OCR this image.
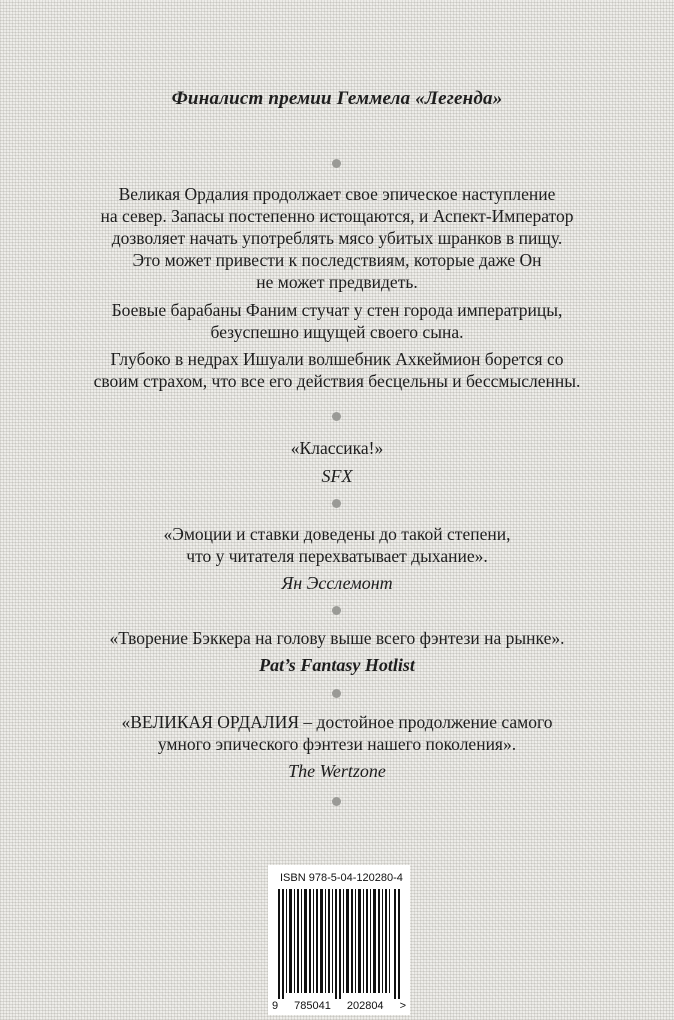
Финалист премии Геммела «Легенда»
Великая Ордалия продолжает свое эпическое наступление
на север. Запасы постепенно истощаются, и Аспект-Император
дозволяет начать употреблять мясо убитых шранков в пищу.
Это может привести к последствиям, которые даже Он
не может предвидеть.
Боевые барабаны Фаним стучат у стен города императрицы,
безуспешно ищущей своего сына.
Глубоко в недрах Ишуали волшебник Ахкеймион борется со
своим страхом, что все его действия бесцельны и бессмысленны.
«Классика!»
SFX
«Эмоции и ставки доведены до такой степени,
что у читателя перехватывает дыхание».
Ян Эсслемонт
«Творение Бэккера на голову выше всего фэнтези на рынке».
Pat’s Fantasy Hotlist
«ВЕЛИКАЯ ОРДАЛИЯ – достойное продолжение самого
умного эпического фэнтези нашего поколения».
The Wertzone
ISBN 978-5-04-120280-4
9 785041 202804 >
